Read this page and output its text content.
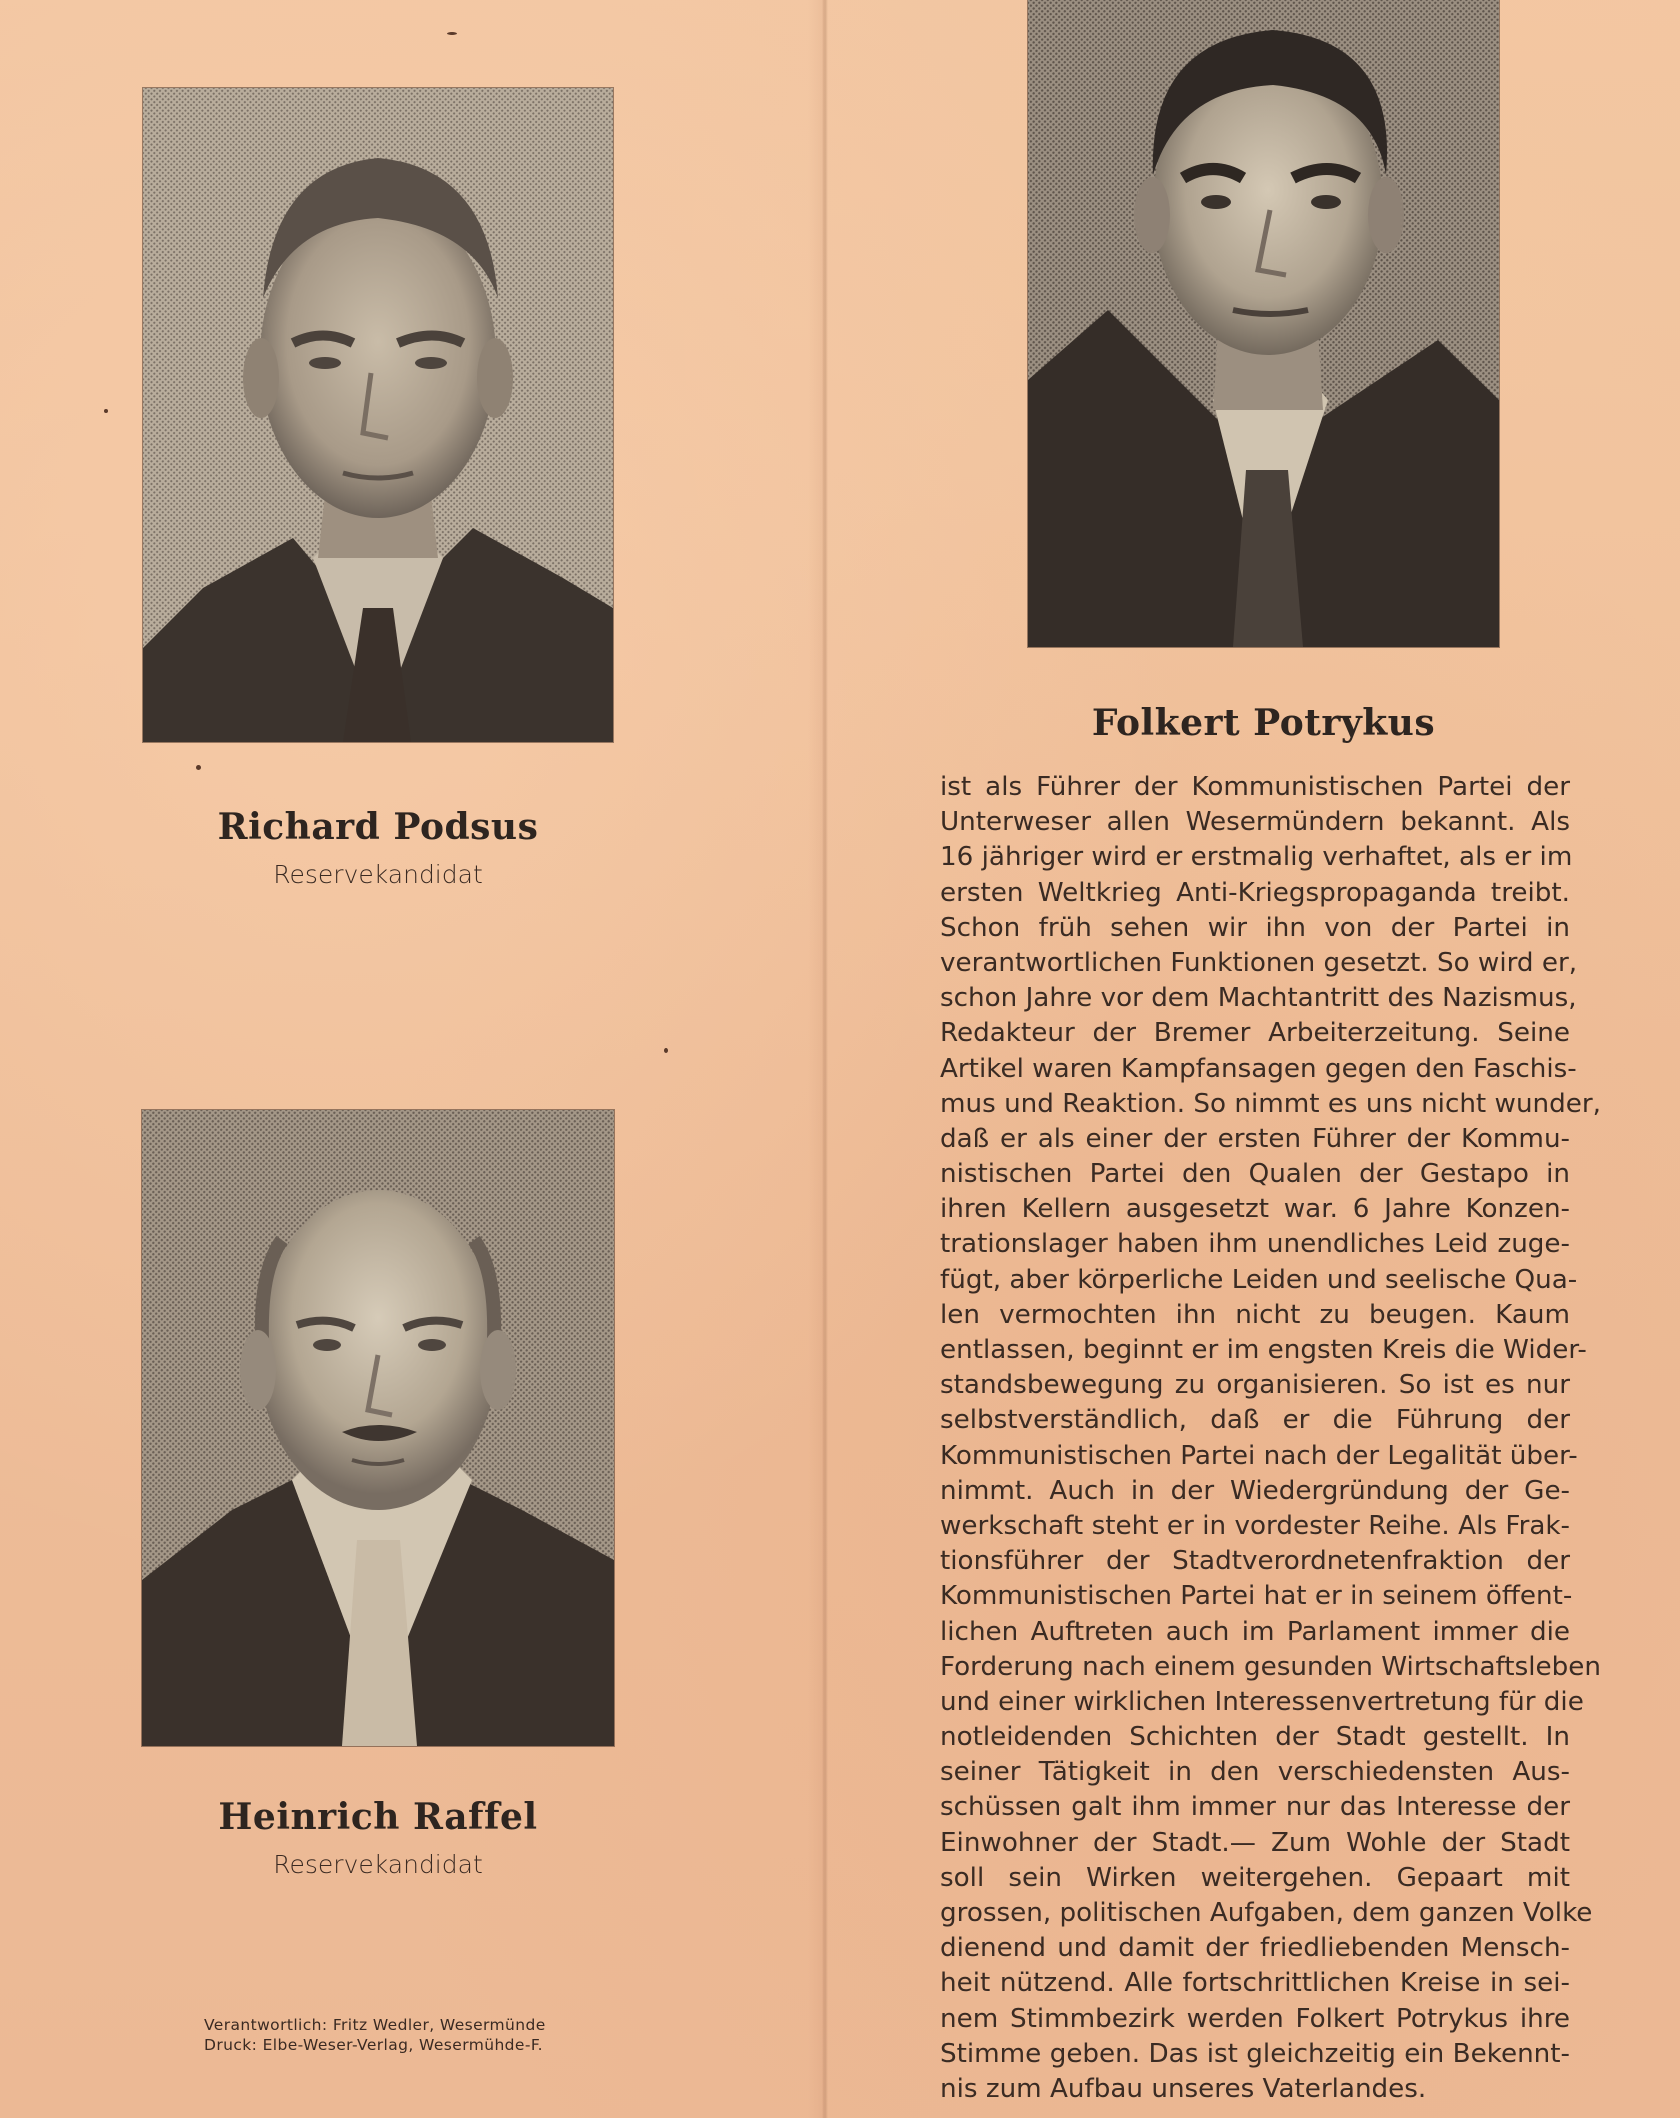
Richard Podsus
Reservekandidat
Heinrich Raffel
Reservekandidat
Verantwortlich: Fritz Wedler, Wesermünde
Druck: Elbe-Weser-Verlag, Wesermühde-F.
Folkert Potrykus
ist als Führer der Kommunistischen Partei der
Unterweser allen Wesermündern bekannt. Als
16 jähriger wird er erstmalig verhaftet, als er im
ersten Weltkrieg Anti-Kriegspropaganda treibt.
Schon früh sehen wir ihn von der Partei in
verantwortlichen Funktionen gesetzt. So wird er,
schon Jahre vor dem Machtantritt des Nazismus,
Redakteur der Bremer Arbeiterzeitung. Seine
Artikel waren Kampfansagen gegen den Faschis-
mus und Reaktion. So nimmt es uns nicht wunder,
daß er als einer der ersten Führer der Kommu-
nistischen Partei den Qualen der Gestapo in
ihren Kellern ausgesetzt war. 6 Jahre Konzen-
trationslager haben ihm unendliches Leid zuge-
fügt, aber körperliche Leiden und seelische Qua-
len vermochten ihn nicht zu beugen. Kaum
entlassen, beginnt er im engsten Kreis die Wider-
standsbewegung zu organisieren. So ist es nur
selbstverständlich, daß er die Führung der
Kommunistischen Partei nach der Legalität über-
nimmt. Auch in der Wiedergründung der Ge-
werkschaft steht er in vordester Reihe. Als Frak-
tionsführer der Stadtverordnetenfraktion der
Kommunistischen Partei hat er in seinem öffent-
lichen Auftreten auch im Parlament immer die
Forderung nach einem gesunden Wirtschaftsleben
und einer wirklichen Interessenvertretung für die
notleidenden Schichten der Stadt gestellt. In
seiner Tätigkeit in den verschiedensten Aus-
schüssen galt ihm immer nur das Interesse der
Einwohner der Stadt.— Zum Wohle der Stadt
soll sein Wirken weitergehen. Gepaart mit
grossen, politischen Aufgaben, dem ganzen Volke
dienend und damit der friedliebenden Mensch-
heit nützend. Alle fortschrittlichen Kreise in sei-
nem Stimmbezirk werden Folkert Potrykus ihre
Stimme geben. Das ist gleichzeitig ein Bekennt-
nis zum Aufbau unseres Vaterlandes.
